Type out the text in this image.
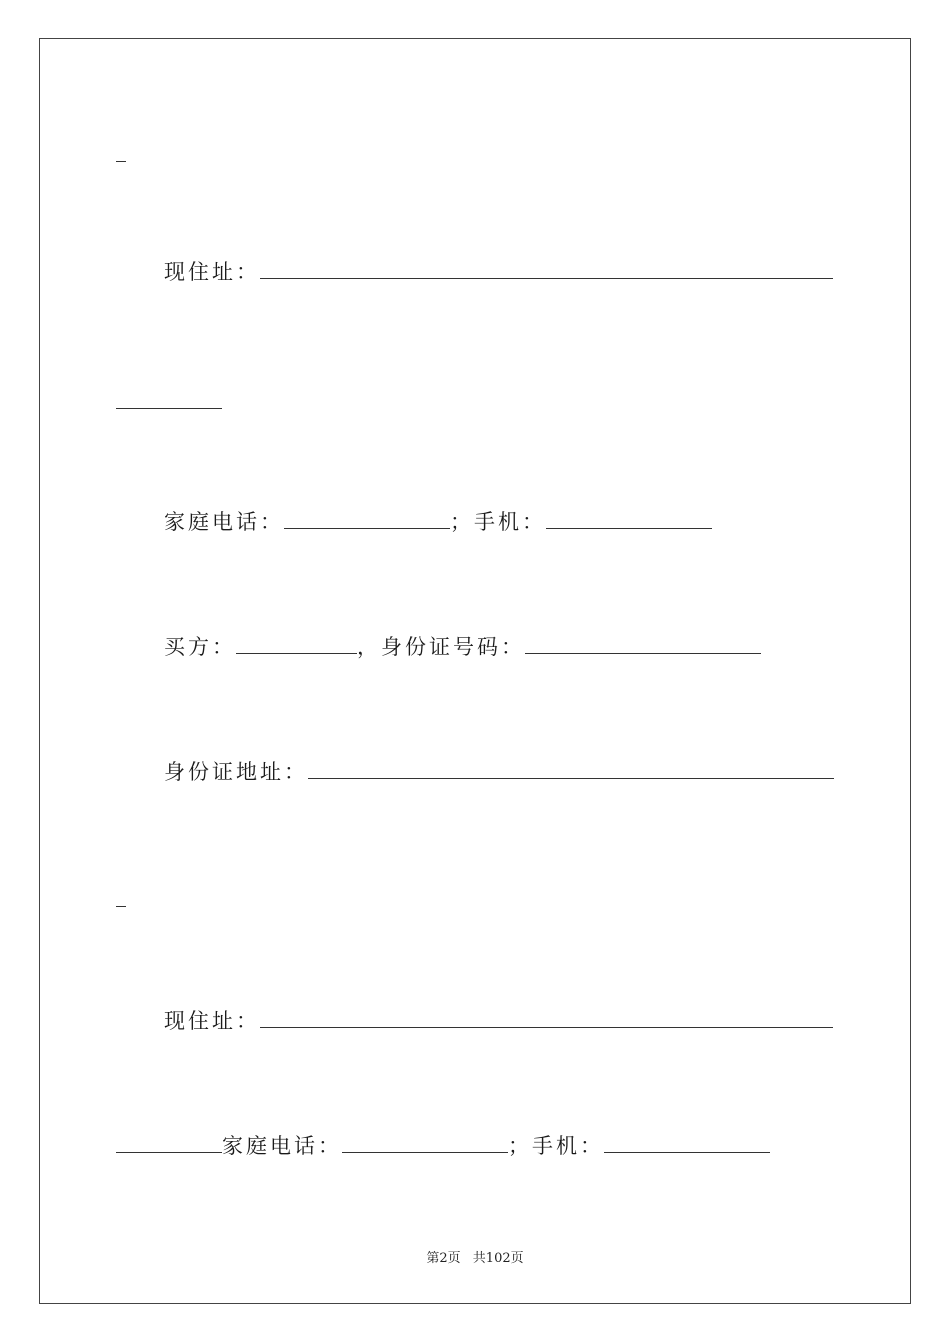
现住址：
家庭电话：	；手机：
买方：	，身份证号码：
身份证地址：
现住址：
家庭电话：	；手机：
第2页 共102页
